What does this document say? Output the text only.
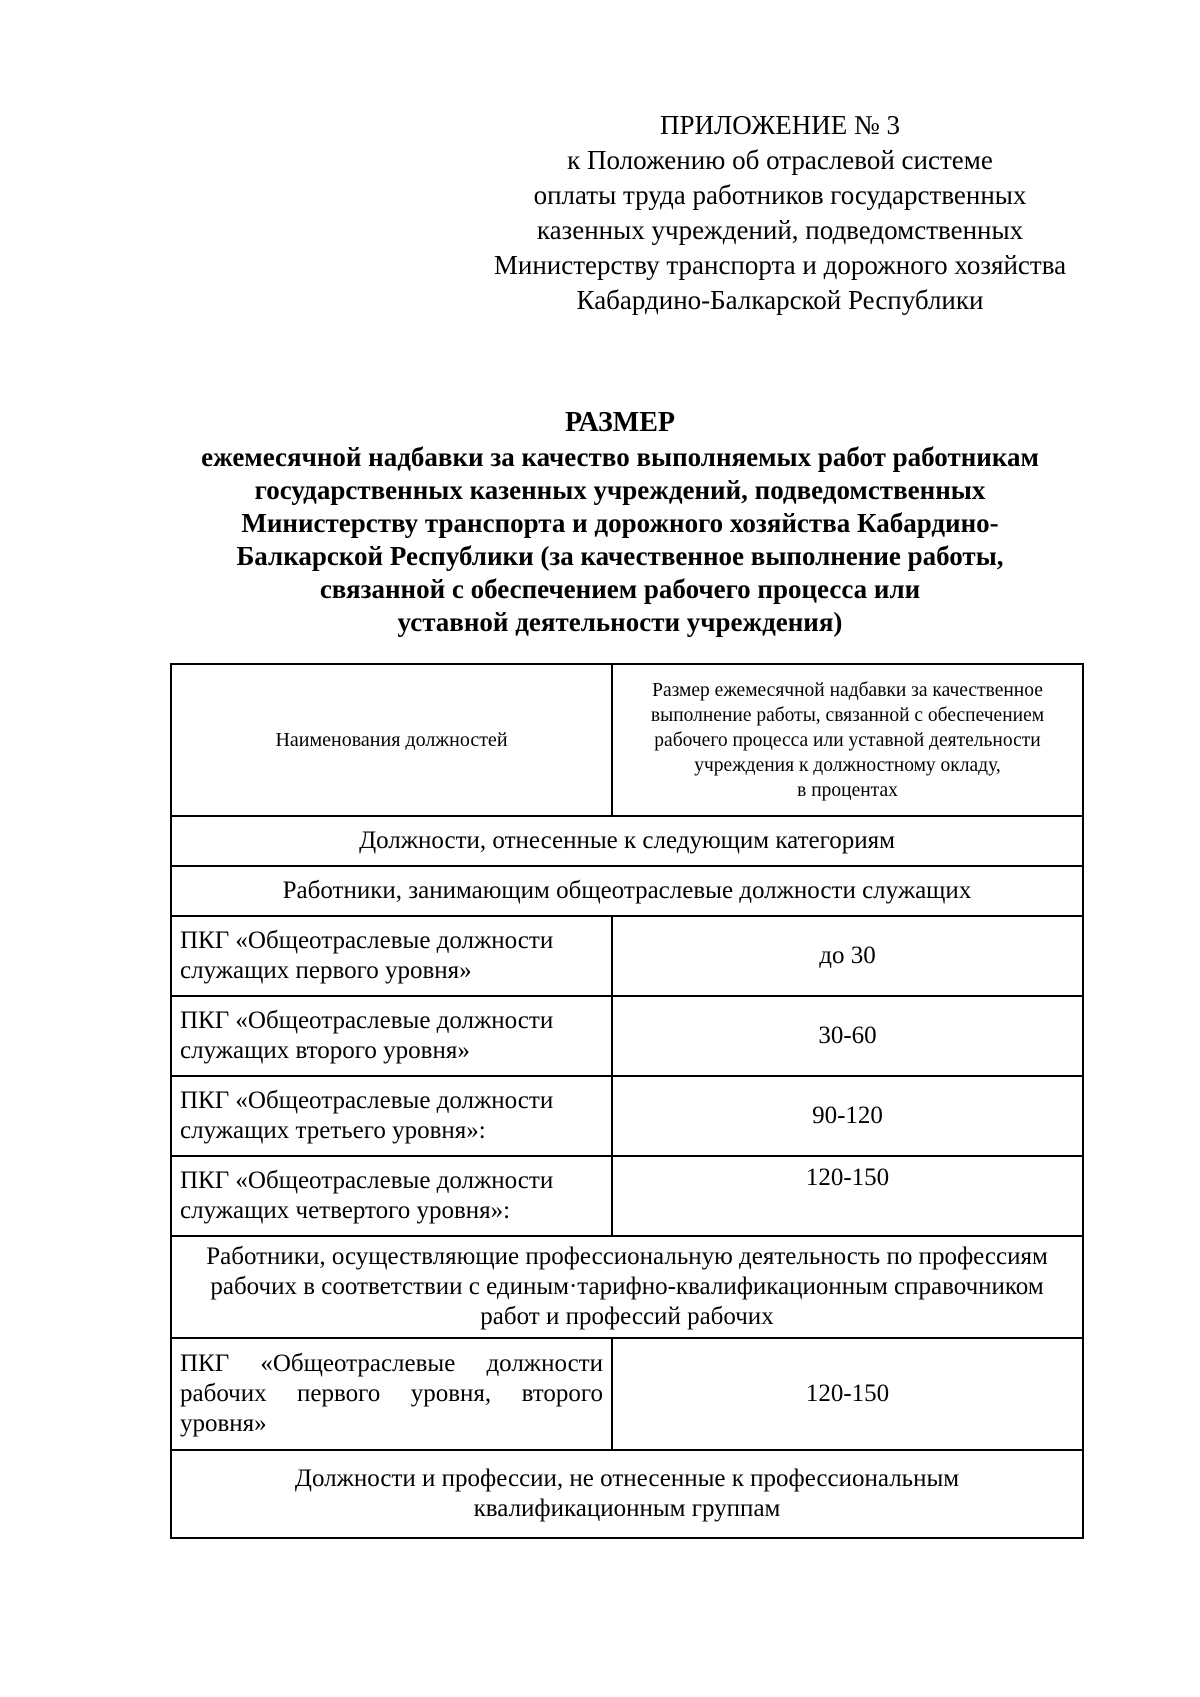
ПРИЛОЖЕНИЕ № 3
к Положению об отраслевой системе
оплаты труда работников государственных
казенных учреждений, подведомственных
Министерству транспорта и дорожного хозяйства
Кабардино-Балкарской Республики
РАЗМЕР
ежемесячной надбавки за качество выполняемых работ работникам
государственных казенных учреждений, подведомственных
Министерству транспорта и дорожного хозяйства Кабардино-
Балкарской Республики (за качественное выполнение работы,
связанной с обеспечением рабочего процесса или
уставной деятельности учреждения)
Наименования должностей	Размер ежемесячной надбавки за качественное
выполнение работы, связанной с обеспечением
рабочего процесса или уставной деятельности
учреждения к должностному окладу,
в процентах

Должности, отнесенные к следующим категориям	
Работники, занимающим общеотраслевые должности служащих	

ПКГ «Общеотраслевые должности
служащих первого уровня»	до 30

ПКГ «Общеотраслевые должности
служащих второго уровня»	30-60

ПКГ «Общеотраслевые должности
служащих третьего уровня»:	90-120

ПКГ «Общеотраслевые должности
служащих четвертого уровня»:	120-150

Работники, осуществляющие профессиональную деятельность по профессиям
рабочих в соответствии с единым·тарифно-квалификационным справочником
работ и профессий рабочих	

ПКГ «Общеотраслевые должности рабочих первого уровня, второго уровня»	120-150

Должности и профессии, не отнесенные к профессиональным
квалификационным группам	
